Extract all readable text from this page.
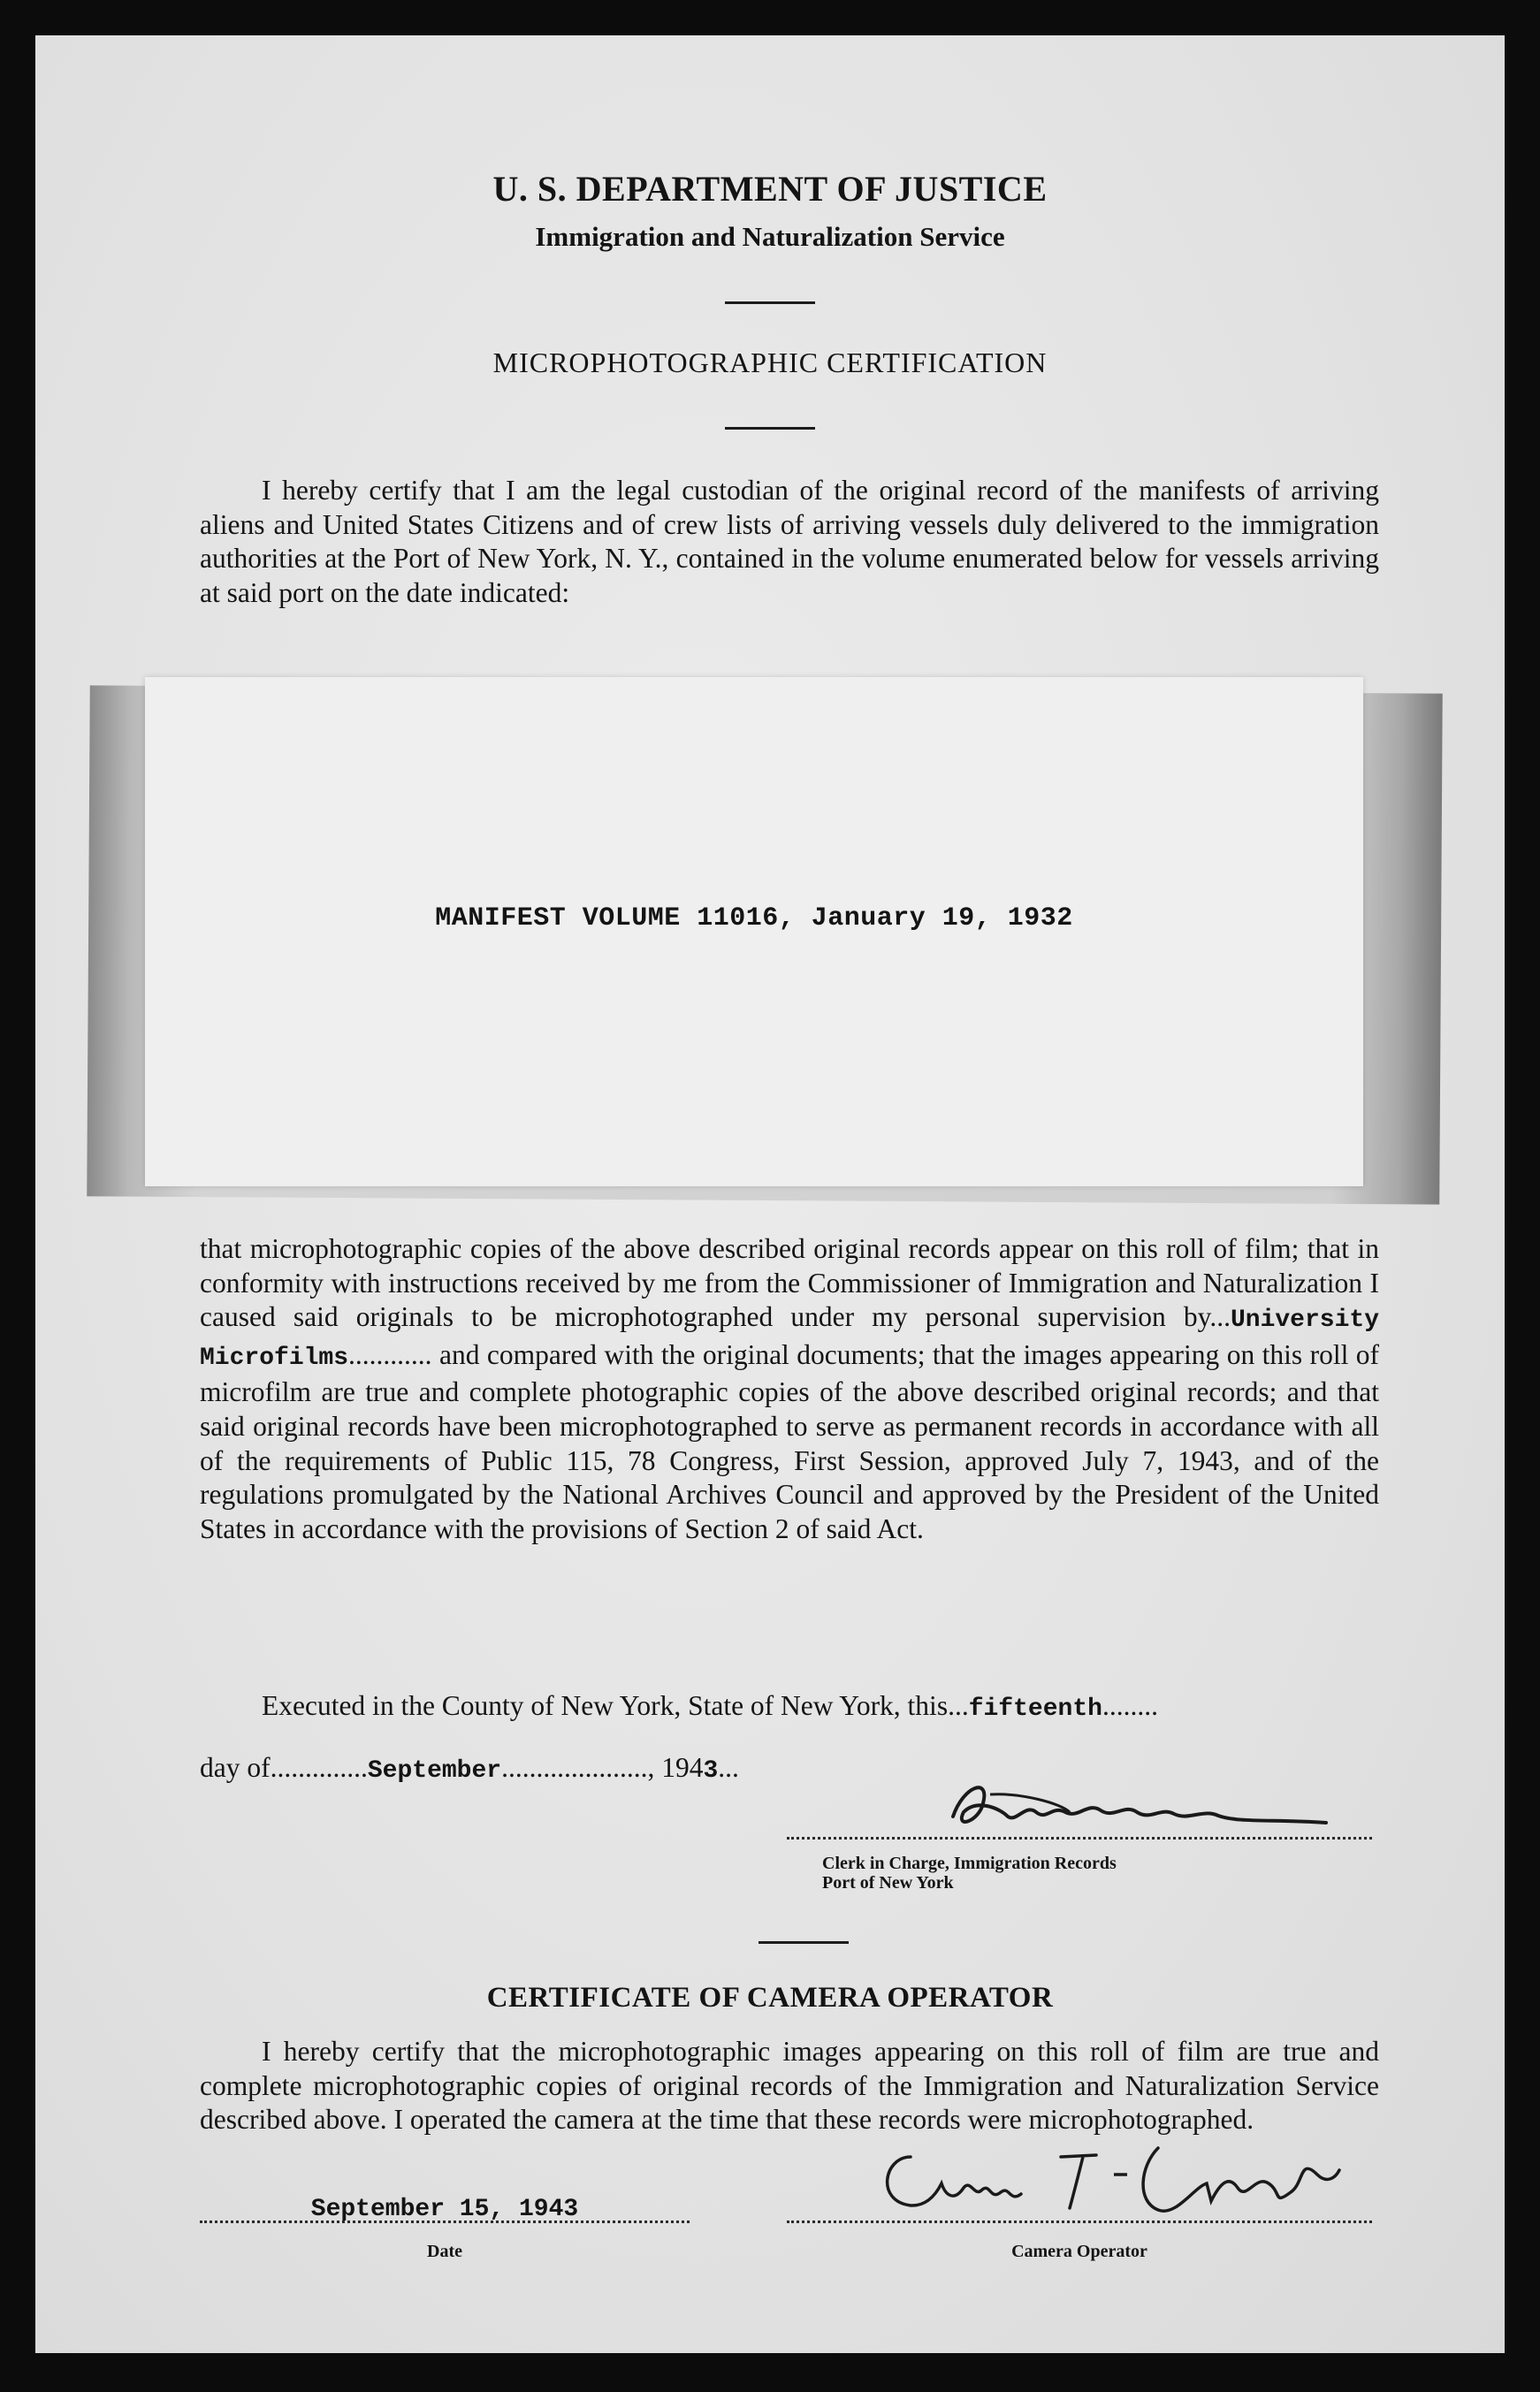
U. S. DEPARTMENT OF JUSTICE
Immigration and Naturalization Service
MICROPHOTOGRAPHIC CERTIFICATION
I hereby certify that I am the legal custodian of the original record of the manifests of arriving aliens and United States Citizens and of crew lists of arriving vessels duly delivered to the immigration authorities at the Port of New York, N. Y., contained in the volume enumerated below for vessels arriving at said port on the date indicated:
MANIFEST VOLUME 11016, January 19, 1932
that microphotographic copies of the above described original records appear on this roll of film; that in conformity with instructions received by me from the Commissioner of Immigration and Naturalization I caused said originals to be microphotographed under my personal supervision by...University Microfilms............ and compared with the original documents; that the images appearing on this roll of microfilm are true and complete photographic copies of the above described original records; and that said original records have been microphotographed to serve as permanent records in accordance with all of the requirements of Public 115, 78 Congress, First Session, approved July 7, 1943, and of the regulations promulgated by the National Archives Council and approved by the President of the United States in accordance with the provisions of Section 2 of said Act.
Executed in the County of New York, State of New York, this...fifteenth........
day of..............September....................., 1943...
Clerk in Charge, Immigration Records
Port of New York
CERTIFICATE OF CAMERA OPERATOR
I hereby certify that the microphotographic images appearing on this roll of film are true and complete microphotographic copies of original records of the Immigration and Naturalization Service described above. I operated the camera at the time that these records were microphotographed.
September 15, 1943
Date	Camera Operator
